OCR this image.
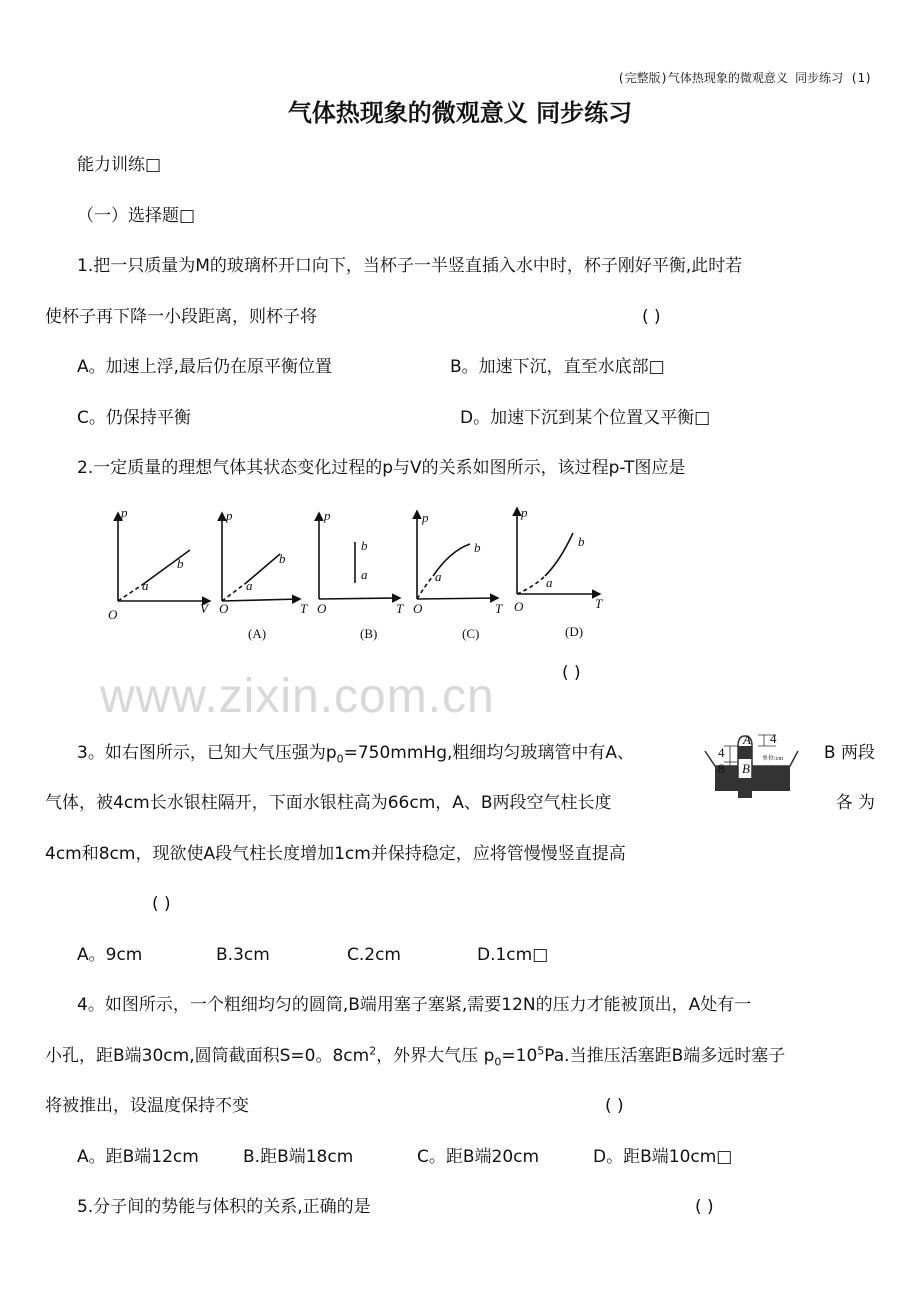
(完整版)气体热现象的微观意义 同步练习 (1)
气体热现象的微观意义 同步练习
能力训练□
（一）选择题□
1.把一只质量为M的玻璃杯开口向下，当杯子一半竖直插入水中时，杯子刚好平衡,此时若
使杯子再下降一小段距离，则杯子将	( )
A。加速上浮,最后仍在原平衡位置	B。加速下沉，直至水底部□
C。仍保持平衡	D。加速下沉到某个位置又平衡□
2.一定质量的理想气体其状态变化过程的p与V的关系如图所示，该过程p-T图应是
p
V
O
a
b
p
T
O
a
b
(A)
p
T
O
a
b
(B)
p
T
O
a
b
(C)
p
T
O
a
b
(D)
( )
www.zixin.com.cn
A
B
4
8
4
单位:cm
3。如右图所示，已知大气压强为$p_0=750mmHg$,粗细均匀玻璃管中有A、	B 两段
气体，被4cm长水银柱隔开，下面水银柱高为66cm，A、B两段空气柱长度	各 为
4cm和8cm，现欲使A段气柱长度增加1cm并保持稳定，应将管慢慢竖直提高
( )
A。9cm	B.3cm	C.2cm	D.1cm□
4。如图所示，一个粗细均匀的圆筒,B端用塞子塞紧,需要12N的压力才能被顶出，A处有一
小孔，距B端30cm,圆筒截面积S=0。$8cm^2$，外界大气压 $p_0=10^5Pa$.当推压活塞距B端多远时塞子
将被推出，设温度保持不变	( )
A。距B端12cm	B.距B端18cm	C。距B端20cm	D。距B端10cm□
5.分子间的势能与体积的关系,正确的是	( )
